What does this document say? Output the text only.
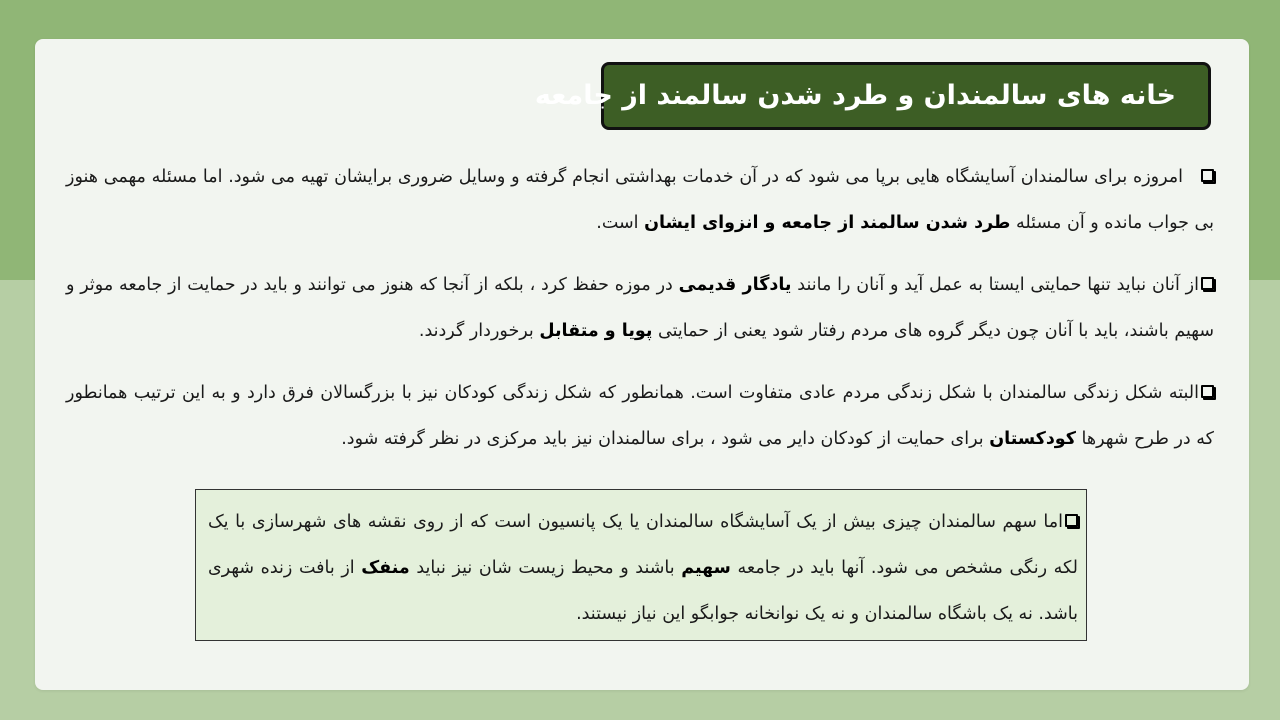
خانه های سالمندان و طرد شدن سالمند از جامعه
امروزه برای سالمندان آسایشگاه هایی برپا می شود که در آن خدمات بهداشتی انجام گرفته و وسایل ضروری برایشان تهیه می شود. اما مسئله مهمی هنوز بی جواب مانده و آن مسئله طرد شدن سالمند از جامعه و انزوای ایشان است.
از آنان نباید تنها حمایتی ایستا به عمل آید و آنان را مانند یادگار قدیمی در موزه حفظ کرد ، بلکه از آنجا که هنوز می توانند و باید در حمایت از جامعه موثر و سهیم باشند، باید با آنان چون دیگر گروه های مردم رفتار شود یعنی از حمایتی پویا و متقابل برخوردار گردند.
البته شکل زندگی سالمندان با شکل زندگی مردم عادی متفاوت است. همانطور که شکل زندگی کودکان نیز با بزرگسالان فرق دارد و به این ترتیب همانطور که در طرح شهرها کودکستان برای حمایت از کودکان دایر می شود ، برای سالمندان نیز باید مرکزی در نظر گرفته شود.
اما سهم سالمندان چیزی بیش از یک آسایشگاه سالمندان یا یک پانسیون است که از روی نقشه های شهرسازی با یک لکه رنگی مشخص می شود. آنها باید در جامعه سهیم باشند و محیط زیست شان نیز نباید منفک از بافت زنده شهری باشد. نه یک باشگاه سالمندان و نه یک نوانخانه جوابگو این نیاز نیستند.
